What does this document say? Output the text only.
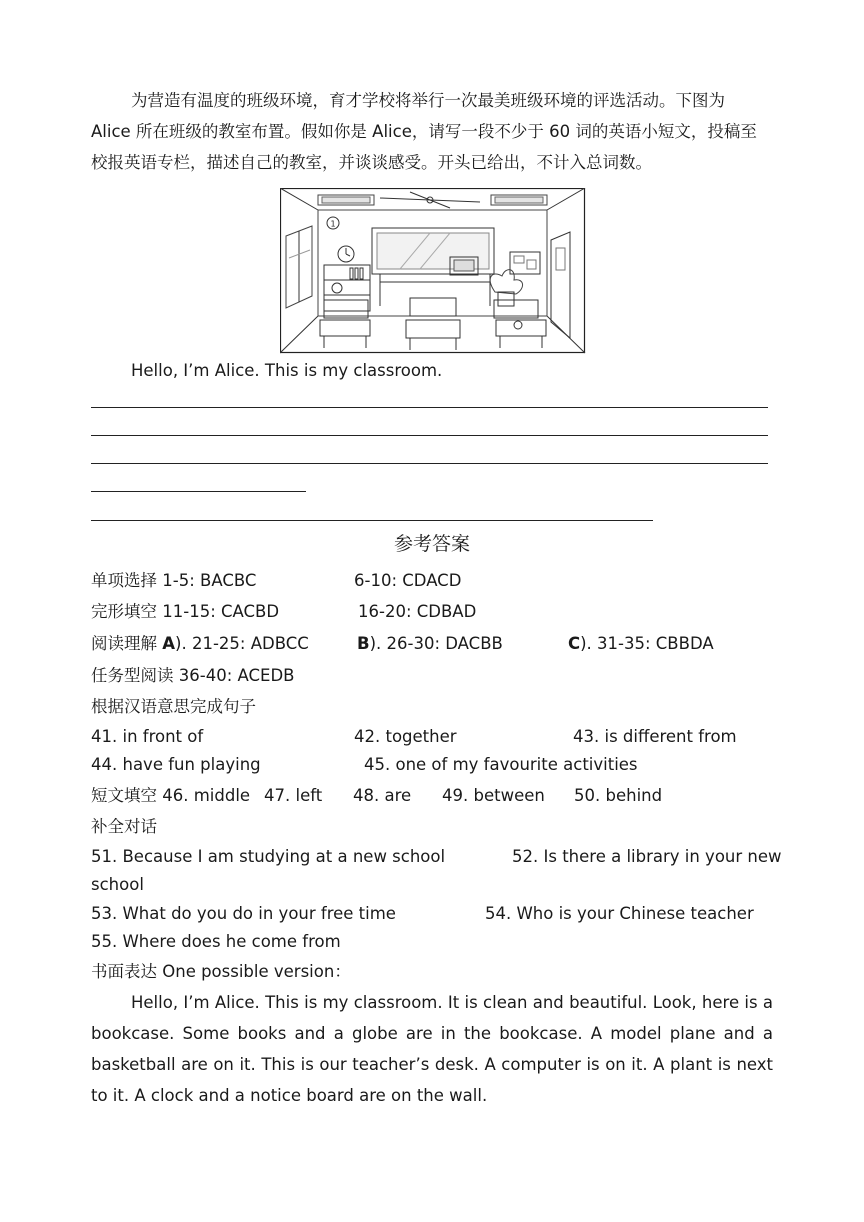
为营造有温度的班级环境，育才学校将举行一次最美班级环境的评选活动。下图为
Alice 所在班级的教室布置。假如你是 Alice，请写一段不少于 60 词的英语小短文，投稿至
校报英语专栏，描述自己的教室，并谈谈感受。开头已给出，不计入总词数。
1
Hello, I’m Alice. This is my classroom.
参考答案
单项选择 1-5: BACBC	6-10: CDACD
完形填空 11-15: CACBD	16-20: CDBAD
阅读理解 A). 21-25: ADBCC	B). 26-30: DACBB	C). 31-35: CBBDA
任务型阅读 36-40: ACEDB
根据汉语意思完成句子
41. in front of	42. together	43. is different from
44. have fun playing	45. one of my favourite activities
短文填空 46. middle 47. left 48. are 49. between 50. behind
补全对话
51. Because I am studying at a new school	52. Is there a library in your new
school
53. What do you do in your free time	54. Who is your Chinese teacher
55. Where does he come from
书面表达 One possible version：

Hello, I’m Alice. This is my classroom. It is clean and beautiful. Look, here is a bookcase. Some books and a globe are in the bookcase. A model plane and a basketball are on it. This is our teacher’s desk. A computer is on it. A plant is next to it. A clock and a notice board are on the wall.
